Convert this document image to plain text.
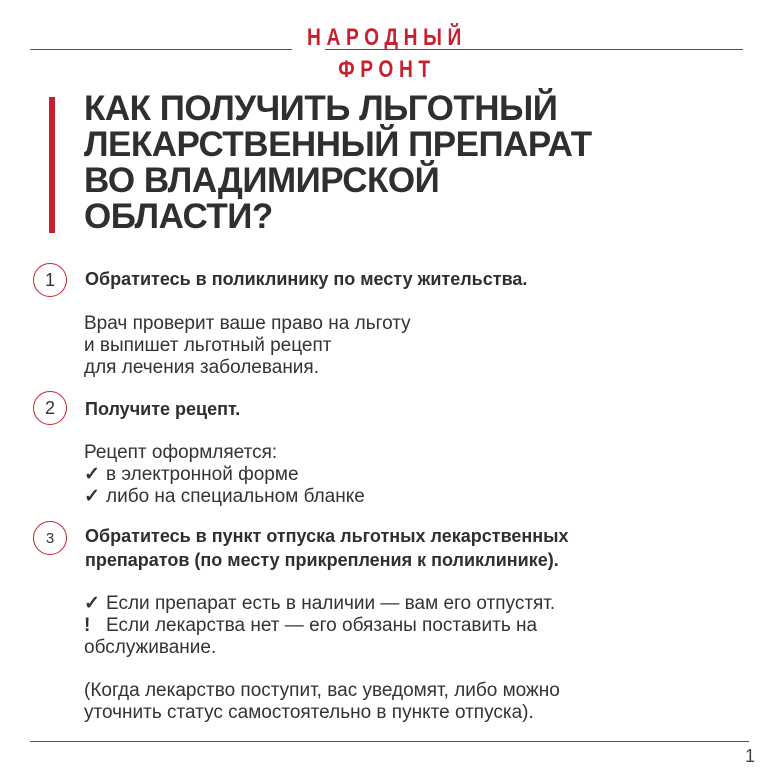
НАРОДНЫЙ
ФРОНТ
КАК ПОЛУЧИТЬ ЛЬГОТНЫЙ
ЛЕКАРСТВЕННЫЙ ПРЕПАРАТ
ВО ВЛАДИМИРСКОЙ
ОБЛАСТИ?
1	Обратитесь в поликлинику по месту жительства.
Врач проверит ваше право на льготу
и выпишет льготный рецепт
для лечения заболевания.
2	Получите рецепт.
Рецепт оформляется:
✓ в электронной форме
✓ либо на специальном бланке
3	Обратитесь в пункт отпуска льготных лекарственных
препаратов (по месту прикрепления к поликлинике).
✓ Если препарат есть в наличии — вам его отпустят.
! Если лекарства нет — его обязаны поставить на
обслуживание.
(Когда лекарство поступит, вас уведомят, либо можно
уточнить статус самостоятельно в пункте отпуска).
1
